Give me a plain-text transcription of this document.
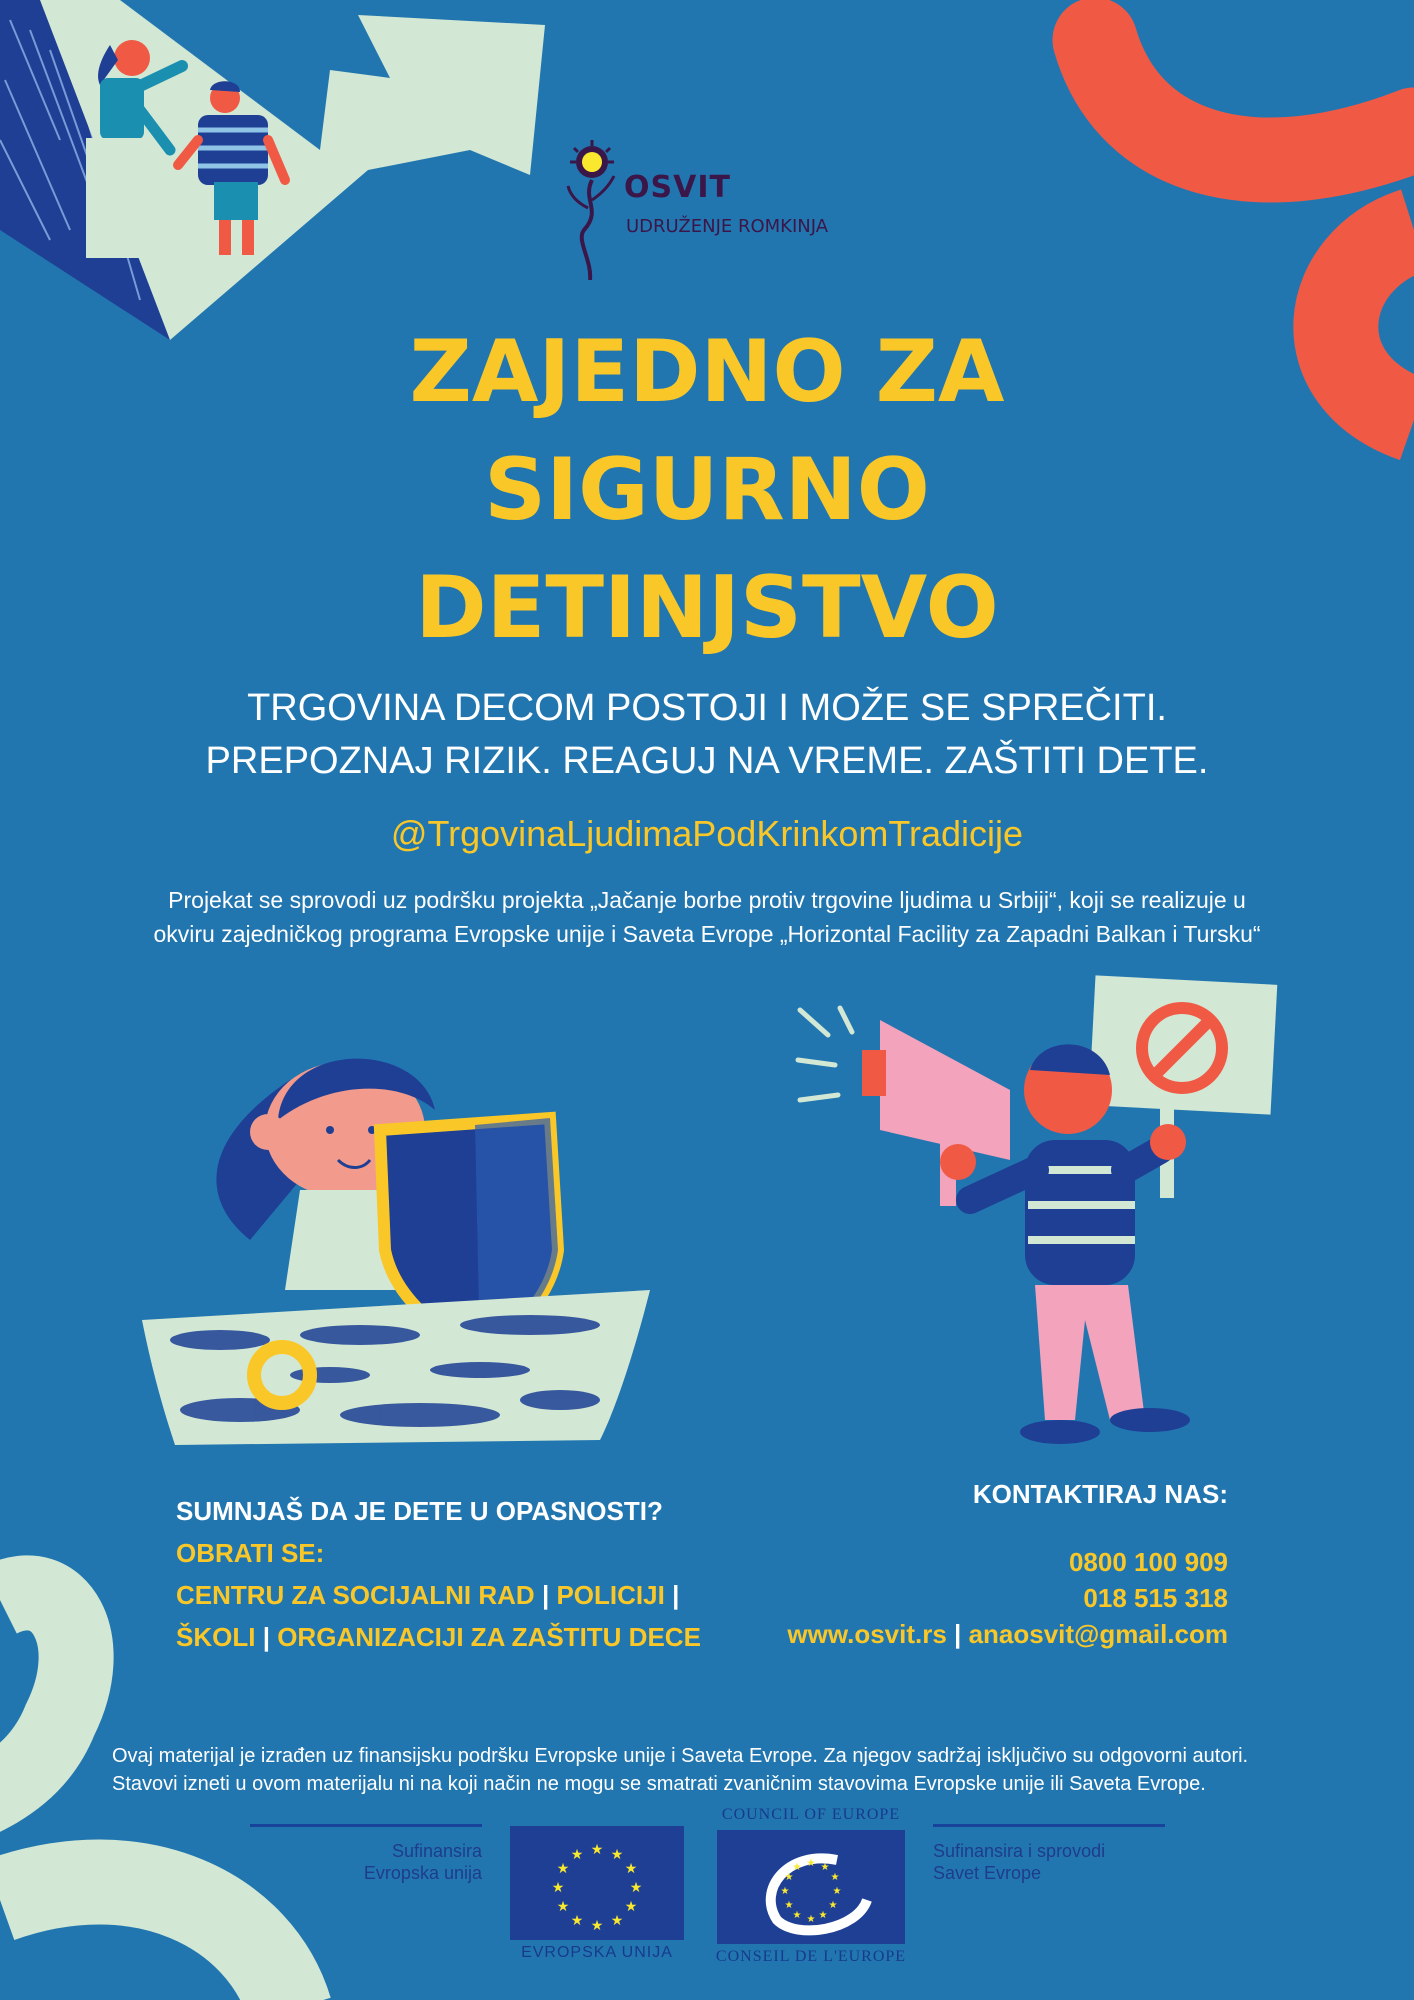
OSVIT
UDRUŽENJE ROMKINJA
ZAJEDNO ZA
SIGURNO
DETINJSTVO
TRGOVINA DECOM POSTOJI I MOŽE SE SPREČITI.
PREPOZNAJ RIZIK. REAGUJ NA VREME. ZAŠTITI DETE.
@TrgovinaLjudimaPodKrinkomTradicije
Projekat se sprovodi uz podršku projekta „Jačanje borbe protiv trgovine ljudima u Srbiji“, koji se realizuje u
okviru zajedničkog programa Evropske unije i Saveta Evrope „Horizontal Facility za Zapadni Balkan i Tursku“
SUMNJAŠ DA JE DETE U OPASNOSTI?
OBRATI SE:
CENTRU ZA SOCIJALNI RAD | POLICIJI |
ŠKOLI | ORGANIZACIJI ZA ZAŠTITU DECE
KONTAKTIRAJ NAS:
0800 100 909
018 515 318
www.osvit.rs | anaosvit@gmail.com
Ovaj materijal je izrađen uz finansijsku podršku Evropske unije i Saveta Evrope. Za njegov sadržaj isključivo su odgovorni autori.
Stavovi izneti u ovom materijalu ni na koji način ne mogu se smatrati zvaničnim stavovima Evropske unije ili Saveta Evrope.
Sufinansira
Evropska unija
★ ★
★
★
★
★
★
★
★
★
★
★
EVROPSKA UNIJA
COUNCIL OF EUROPE
★ ★
★
★
★
★
★
★
★
★
★
★
CONSEIL DE L'EUROPE
Sufinansira i sprovodi
Savet Evrope
